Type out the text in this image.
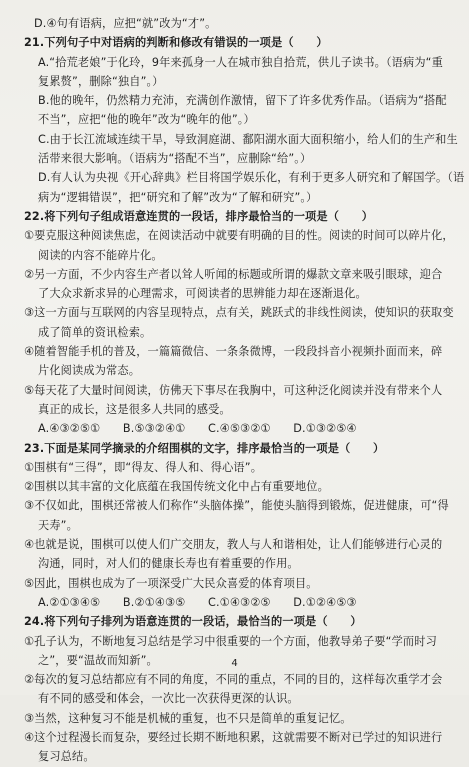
D.④句有语病，应把“就”改为“才”。
21.下列句子中对语病的判断和修改有错误的一项是（　　）
A.“拾荒老娘”于化玲，9年来孤身一人在城市独自拾荒，供儿子读书。（语病为“重
复累赘”，删除“独自”。）
B.他的晚年，仍然精力充沛，充满创作激情，留下了许多优秀作品。（语病为“搭配
不当”，应把“他的晚年”改为“晚年的他”。）
C.由于长江流域连续干旱，导致洞庭湖、鄱阳湖水面大面积缩小，给人们的生产和生
活带来很大影响。（语病为“搭配不当”，应删除“给”。）
D.有人认为央视《开心辞典》栏目将国学娱乐化，有利于更多人研究和了解国学。（语
病为“逻辑错误”，把“研究和了解”改为“了解和研究”。）
22.将下列句子组成语意连贯的一段话，排序最恰当的一项是（　　）
①要克服这种阅读焦虑，在阅读活动中就要有明确的目的性。阅读的时间可以碎片化，
阅读的内容不能碎片化。
②另一方面，不少内容生产者以耸人听闻的标题或所谓的爆款文章来吸引眼球，迎合
了大众求新求异的心理需求，可阅读者的思辨能力却在逐渐退化。
③这一方面与互联网的内容呈现特点，点有关，跳跃式的非线性阅读，使知识的获取变
成了简单的资讯检索。
④随着智能手机的普及，一篇篇微信、一条条微博，一段段抖音小视频扑面而来，碎
片化阅读成为常态。
⑤每天花了大量时间阅读，仿佛天下事尽在我胸中，可这种泛化阅读并没有带来个人
真正的成长，这是很多人共同的感受。
A.④③②⑤①　　B.⑤③②④①　　C.④⑤③②①　　D.①③②⑤④
23.下面是某同学摘录的介绍围棋的文字，排序最恰当的一项是（　　）
①围棋有“三得”，即“得友、得人和、得心语”。
②围棋以其丰富的文化底蕴在我国传统文化中占有重要地位。
③不仅如此，围棋还常被人们称作“头脑体操”，能使头脑得到锻炼，促进健康，可“得
天寿”。
④也就是说，围棋可以使人们广交朋友，教人与人和谐相处，让人们能够进行心灵的
沟通，同时，对人们的健康长寿也有着重要的作用。
⑤因此，围棋也成为了一项深受广大民众喜爱的体育项目。
A.②①③④⑤　　B.②①④③⑤　　C.①④③②⑤　　D.①②④⑤③
24.将下列句子排列为语意连贯的一段话，最恰当的一项是（　　）
①孔子认为，不断地复习总结是学习中很重要的一个方面，他教导弟子要“学而时习
之”，要“温故而知新”。
②每次的复习总结都应有不同的角度，不同的重点，不同的目的，这样每次重学才会
有不同的感受和体会，一次比一次获得更深的认识。
③当然，这种复习不能是机械的重复，也不只是简单的重复记忆。
④这个过程漫长而复杂，要经过长期不断地积累，这就需要不断对已学过的知识进行
复习总结。
4
